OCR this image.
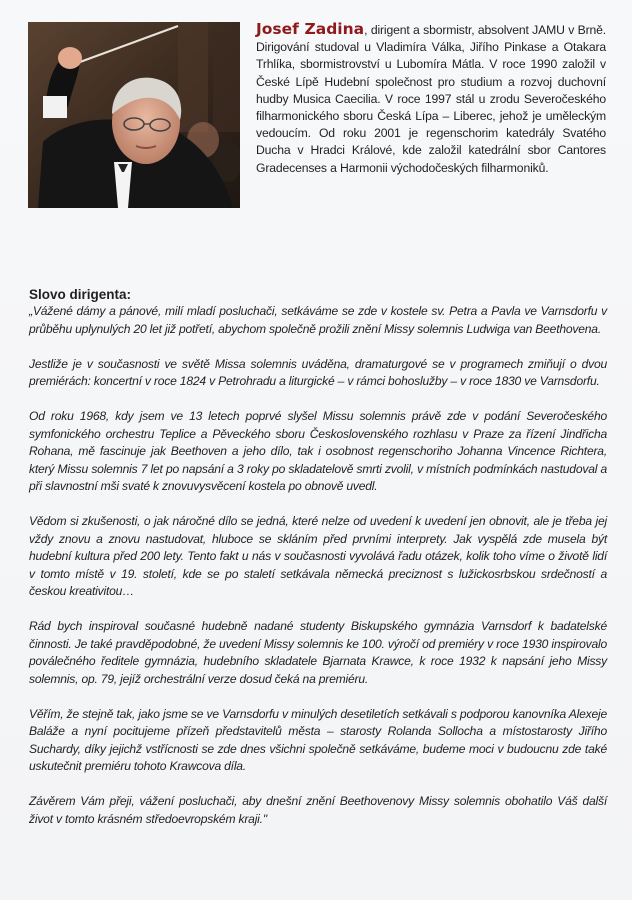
Josef Zadina, dirigent a sbormistr, absolvent JAMU v Brně. Dirigování studoval u Vladimíra Válka, Jiřího Pinkase a Otakara Trhlíka, sbormistrovství u Lubomíra Mátla. V roce 1990 založil v České Lípě Hudební společnost pro studium a rozvoj duchovní hudby Musica Caecilia. V roce 1997 stál u zrodu Severočeského filharmonického sboru Česká Lípa – Liberec, jehož je uměleckým vedoucím. Od roku 2001 je regenschorim katedrály Svatého Ducha v Hradci Králové, kde založil katedrální sbor Cantores Gradecenses a Harmonii východočeských filharmoniků.
Slovo dirigenta:

„Vážené dámy a pánové, milí mladí posluchači, setkáváme se zde v kostele sv. Petra a Pavla ve Varnsdorfu v průběhu uplynulých 20 let již potřetí, abychom společně prožili znění Missy solemnis Ludwiga van Beethovena.

Jestliže je v současnosti ve světě Missa solemnis uváděna, dramaturgové se v programech zmiňují o dvou premiérách: koncertní v roce 1824 v Petrohradu a liturgické – v rámci bohoslužby – v roce 1830 ve Varnsdorfu.

Od roku 1968, kdy jsem ve 13 letech poprvé slyšel Missu solemnis právě zde v podání Severočeského symfonického orchestru Teplice a Pěveckého sboru Československého rozhlasu v Praze za řízení Jindřicha Rohana, mě fascinuje jak Beethoven a jeho dílo, tak i osobnost regenschoriho Johanna Vincence Richtera, který Missu solemnis 7 let po napsání a 3 roky po skladatelově smrti zvolil, v místních podmínkách nastudoval a při slavnostní mši svaté k znovuvysvěcení kostela po obnově uvedl.

Vědom si zkušenosti, o jak náročné dílo se jedná, které nelze od uvedení k uvedení jen obnovit, ale je třeba jej vždy znovu a znovu nastudovat, hluboce se skláním před prvními interprety. Jak vyspělá zde musela být hudební kultura před 200 lety. Tento fakt u nás v současnosti vyvolává řadu otázek, kolik toho víme o životě lidí v tomto místě v 19. století, kde se po staletí setkávala německá preciznost s lužickosrbskou srdečností a českou kreativitou…

Rád bych inspiroval současné hudebně nadané studenty Biskupského gymnázia Varnsdorf k badatelské činnosti. Je také pravděpodobné, že uvedení Missy solemnis ke 100. výročí od premiéry v roce 1930 inspirovalo poválečného ředitele gymnázia, hudebního skladatele Bjarnata Krawce, k roce 1932 k napsání jeho Missy solemnis, op. 79, jejíž orchestrální verze dosud čeká na premiéru.

Věřím, že stejně tak, jako jsme se ve Varnsdorfu v minulých desetiletích setkávali s podporou kanovníka Alexeje Baláže a nyní pocitujeme přízeň představitelů města – starosty Rolanda Sollocha a místostarosty Jiřího Suchardy, díky jejichž vstřícnosti se zde dnes všichni společně setkáváme, budeme moci v budoucnu zde také uskutečnit premiéru tohoto Krawcova díla.

Závěrem Vám přeji, vážení posluchači, aby dnešní znění Beethovenovy Missy solemnis obohatilo Váš další život v tomto krásném středoevropském kraji."
